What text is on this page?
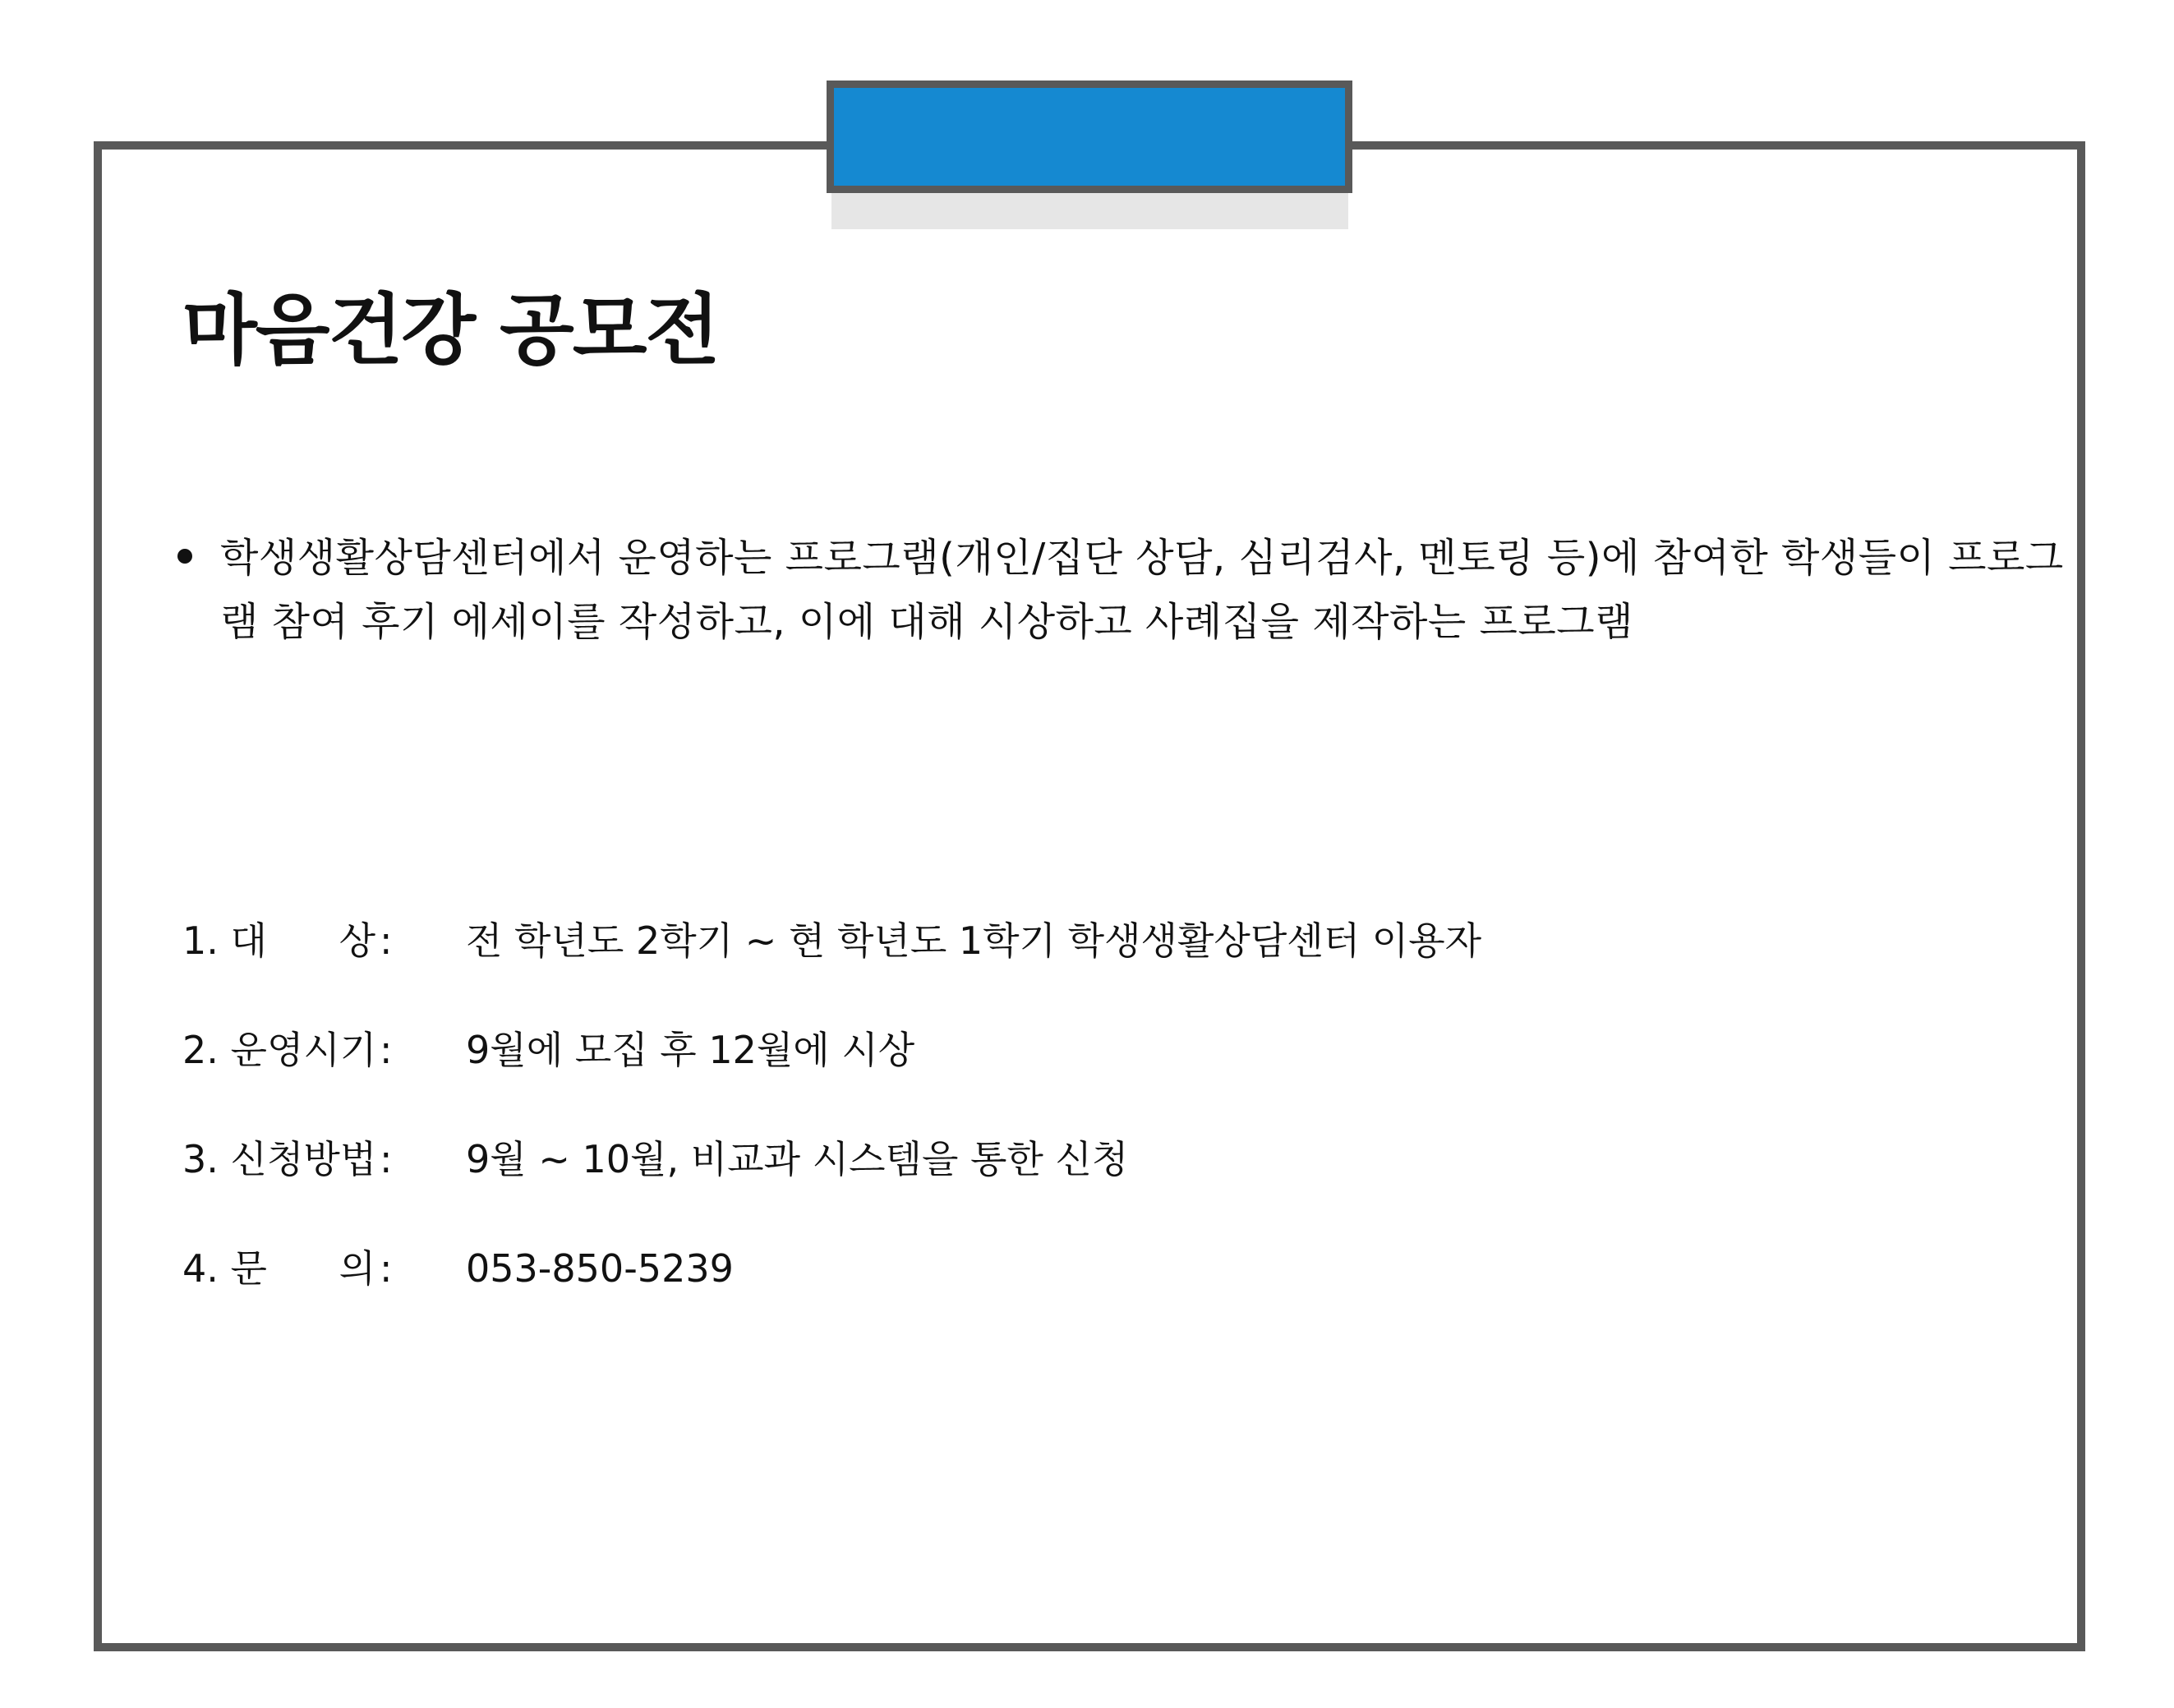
마음건강 공모전
학생생활상담센터에서 운영하는 프로그램(개인/집단 상담, 심리검사, 멘토링 등)에 참여한 학생들이 프로그램 참여 후기 에세이를 작성하고, 이에 대해 시상하고 사례집을 제작하는 프로그램
1. 대      상 : 전 학년도 2학기 ~ 현 학년도 1학기 학생생활상담센터 이용자
2. 운영시기 : 9월에 모집 후 12월에 시상
3. 신청방법 : 9월 ~ 10월, 비교과 시스템을 통한 신청
4. 문      의 : 053-850-5239
